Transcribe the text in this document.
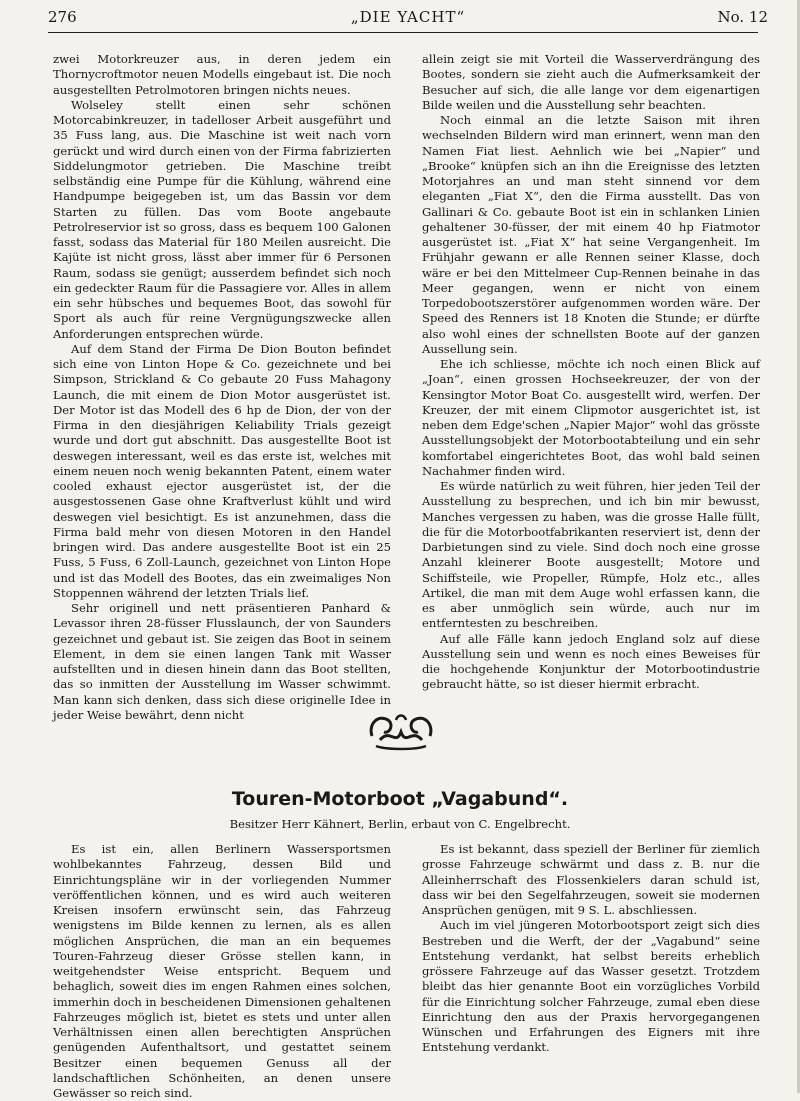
276	„DIE YACHT“	No. 12

zwei Motorkreuzer aus, in deren jedem ein Thornycroftmotor neuen Modells eingebaut ist. Die noch ausgestellten Petrolmotoren bringen nichts neues.

Wolseley stellt einen sehr schönen Motorcabinkreuzer, in tadelloser Arbeit ausgeführt und 35 Fuss lang, aus. Die Maschine ist weit nach vorn gerückt und wird durch einen von der Firma fabrizierten Siddelungmotor getrieben. Die Maschine treibt selbständig eine Pumpe für die Kühlung, während eine Handpumpe beigegeben ist, um das Bassin vor dem Starten zu füllen. Das vom Boote angebaute Petrolreservior ist so gross, dass es bequem 100 Galonen fasst, sodass das Material für 180 Meilen ausreicht. Die Kajüte ist nicht gross, lässt aber immer für 6 Personen Raum, sodass sie genügt; ausserdem befindet sich noch ein gedeckter Raum für die Passagiere vor. Alles in allem ein sehr hübsches und bequemes Boot, das sowohl für Sport als auch für reine Vergnügungszwecke allen Anforderungen entsprechen würde.

Auf dem Stand der Firma De Dion Bouton befindet sich eine von Linton Hope & Co. gezeichnete und bei Simpson, Strickland & Co gebaute 20 Fuss Mahagony Launch, die mit einem de Dion Motor ausgerüstet ist. Der Motor ist das Modell des 6 hp de Dion, der von der Firma in den diesjährigen Keliability Trials gezeigt wurde und dort gut abschnitt. Das ausgestellte Boot ist deswegen interessant, weil es das erste ist, welches mit einem neuen noch wenig bekannten Patent, einem water cooled exhaust ejector ausgerüstet ist, der die ausgestossenen Gase ohne Kraftverlust kühlt und wird deswegen viel besichtigt. Es ist anzunehmen, dass die Firma bald mehr von diesen Motoren in den Handel bringen wird. Das andere ausgestellte Boot ist ein 25 Fuss, 5 Fuss, 6 Zoll-Launch, gezeichnet von Linton Hope und ist das Modell des Bootes, das ein zweimaliges Non Stoppennen während der letzten Trials lief.

Sehr originell und nett präsentieren Panhard & Levassor ihren 28-füsser Flusslaunch, der von Saunders gezeichnet und gebaut ist. Sie zeigen das Boot in seinem Element, in dem sie einen langen Tank mit Wasser aufstellten und in diesen hinein dann das Boot stellten, das so inmitten der Ausstellung im Wasser schwimmt. Man kann sich denken, dass sich diese originelle Idee in jeder Weise bewährt, denn nicht

allein zeigt sie mit Vorteil die Wasserverdrängung des Bootes, sondern sie zieht auch die Aufmerksamkeit der Besucher auf sich, die alle lange vor dem eigenartigen Bilde weilen und die Ausstellung sehr beachten.

Noch einmal an die letzte Saison mit ihren wechselnden Bildern wird man erinnert, wenn man den Namen Fiat liest. Aehnlich wie bei „Napier“ und „Brooke“ knüpfen sich an ihn die Ereignisse des letzten Motorjahres an und man steht sinnend vor dem eleganten „Fiat X“, den die Firma ausstellt. Das von Gallinari & Co. gebaute Boot ist ein in schlanken Linien gehaltener 30-füsser, der mit einem 40 hp Fiatmotor ausgerüstet ist. „Fiat X“ hat seine Vergangenheit. Im Frühjahr gewann er alle Rennen seiner Klasse, doch wäre er bei den Mittelmeer Cup-Rennen beinahe in das Meer gegangen, wenn er nicht von einem Torpedobootszerstörer aufgenommen worden wäre. Der Speed des Renners ist 18 Knoten die Stunde; er dürfte also wohl eines der schnellsten Boote auf der ganzen Aussellung sein.

Ehe ich schliesse, möchte ich noch einen Blick auf „Joan“, einen grossen Hochseekreuzer, der von der Kensingtor Motor Boat Co. ausgestellt wird, werfen. Der Kreuzer, der mit einem Clipmotor ausgerichtet ist, ist neben dem Edge'schen „Napier Major“ wohl das grösste Ausstellungsobjekt der Motorbootabteilung und ein sehr komfortabel eingerichtetes Boot, das wohl bald seinen Nachahmer finden wird.

Es würde natürlich zu weit führen, hier jeden Teil der Ausstellung zu besprechen, und ich bin mir bewusst, Manches vergessen zu haben, was die grosse Halle füllt, die für die Motorbootfabrikanten reserviert ist, denn der Darbietungen sind zu viele. Sind doch noch eine grosse Anzahl kleinerer Boote ausgestellt; Motore und Schiffsteile, wie Propeller, Rümpfe, Holz etc., alles Artikel, die man mit dem Auge wohl erfassen kann, die es aber unmöglich sein würde, auch nur im entferntesten zu beschreiben.

Auf alle Fälle kann jedoch England solz auf diese Ausstellung sein und wenn es noch eines Beweises für die hochgehende Konjunktur der Motorbootindustrie gebraucht hätte, so ist dieser hiermit erbracht.

Touren-Motorboot „Vagabund“.
Besitzer Herr Kähnert, Berlin, erbaut von C. Engelbrecht.

Es ist ein, allen Berlinern Wassersportsmen wohlbekanntes Fahrzeug, dessen Bild und Einrichtungspläne wir in der vorliegenden Nummer veröffentlichen können, und es wird auch weiteren Kreisen insofern erwünscht sein, das Fahrzeug wenigstens im Bilde kennen zu lernen, als es allen möglichen Ansprüchen, die man an ein bequemes Touren-Fahrzeug dieser Grösse stellen kann, in weitgehendster Weise entspricht. Bequem und behaglich, soweit dies im engen Rahmen eines solchen, immerhin doch in bescheidenen Dimensionen gehaltenen Fahrzeuges möglich ist, bietet es stets und unter allen Verhältnissen einen allen berechtigten Ansprüchen genügenden Aufenthaltsort, und gestattet seinem Besitzer einen bequemen Genuss all der landschaftlichen Schönheiten, an denen unsere Gewässer so reich sind.

Es ist bekannt, dass speziell der Berliner für ziemlich grosse Fahrzeuge schwärmt und dass z. B. nur die Alleinherrschaft des Flossenkielers daran schuld ist, dass wir bei den Segelfahrzeugen, soweit sie modernen Ansprüchen genügen, mit 9 S. L. abschliessen.

Auch im viel jüngeren Motorbootsport zeigt sich dies Bestreben und die Werft, der der „Vagabund“ seine Entstehung verdankt, hat selbst bereits erheblich grössere Fahrzeuge auf das Wasser gesetzt. Trotzdem bleibt das hier genannte Boot ein vorzügliches Vorbild für die Einrichtung solcher Fahrzeuge, zumal eben diese Einrichtung den aus der Praxis hervorgegangenen Wünschen und Erfahrungen des Eigners mit ihre Entstehung verdankt.
